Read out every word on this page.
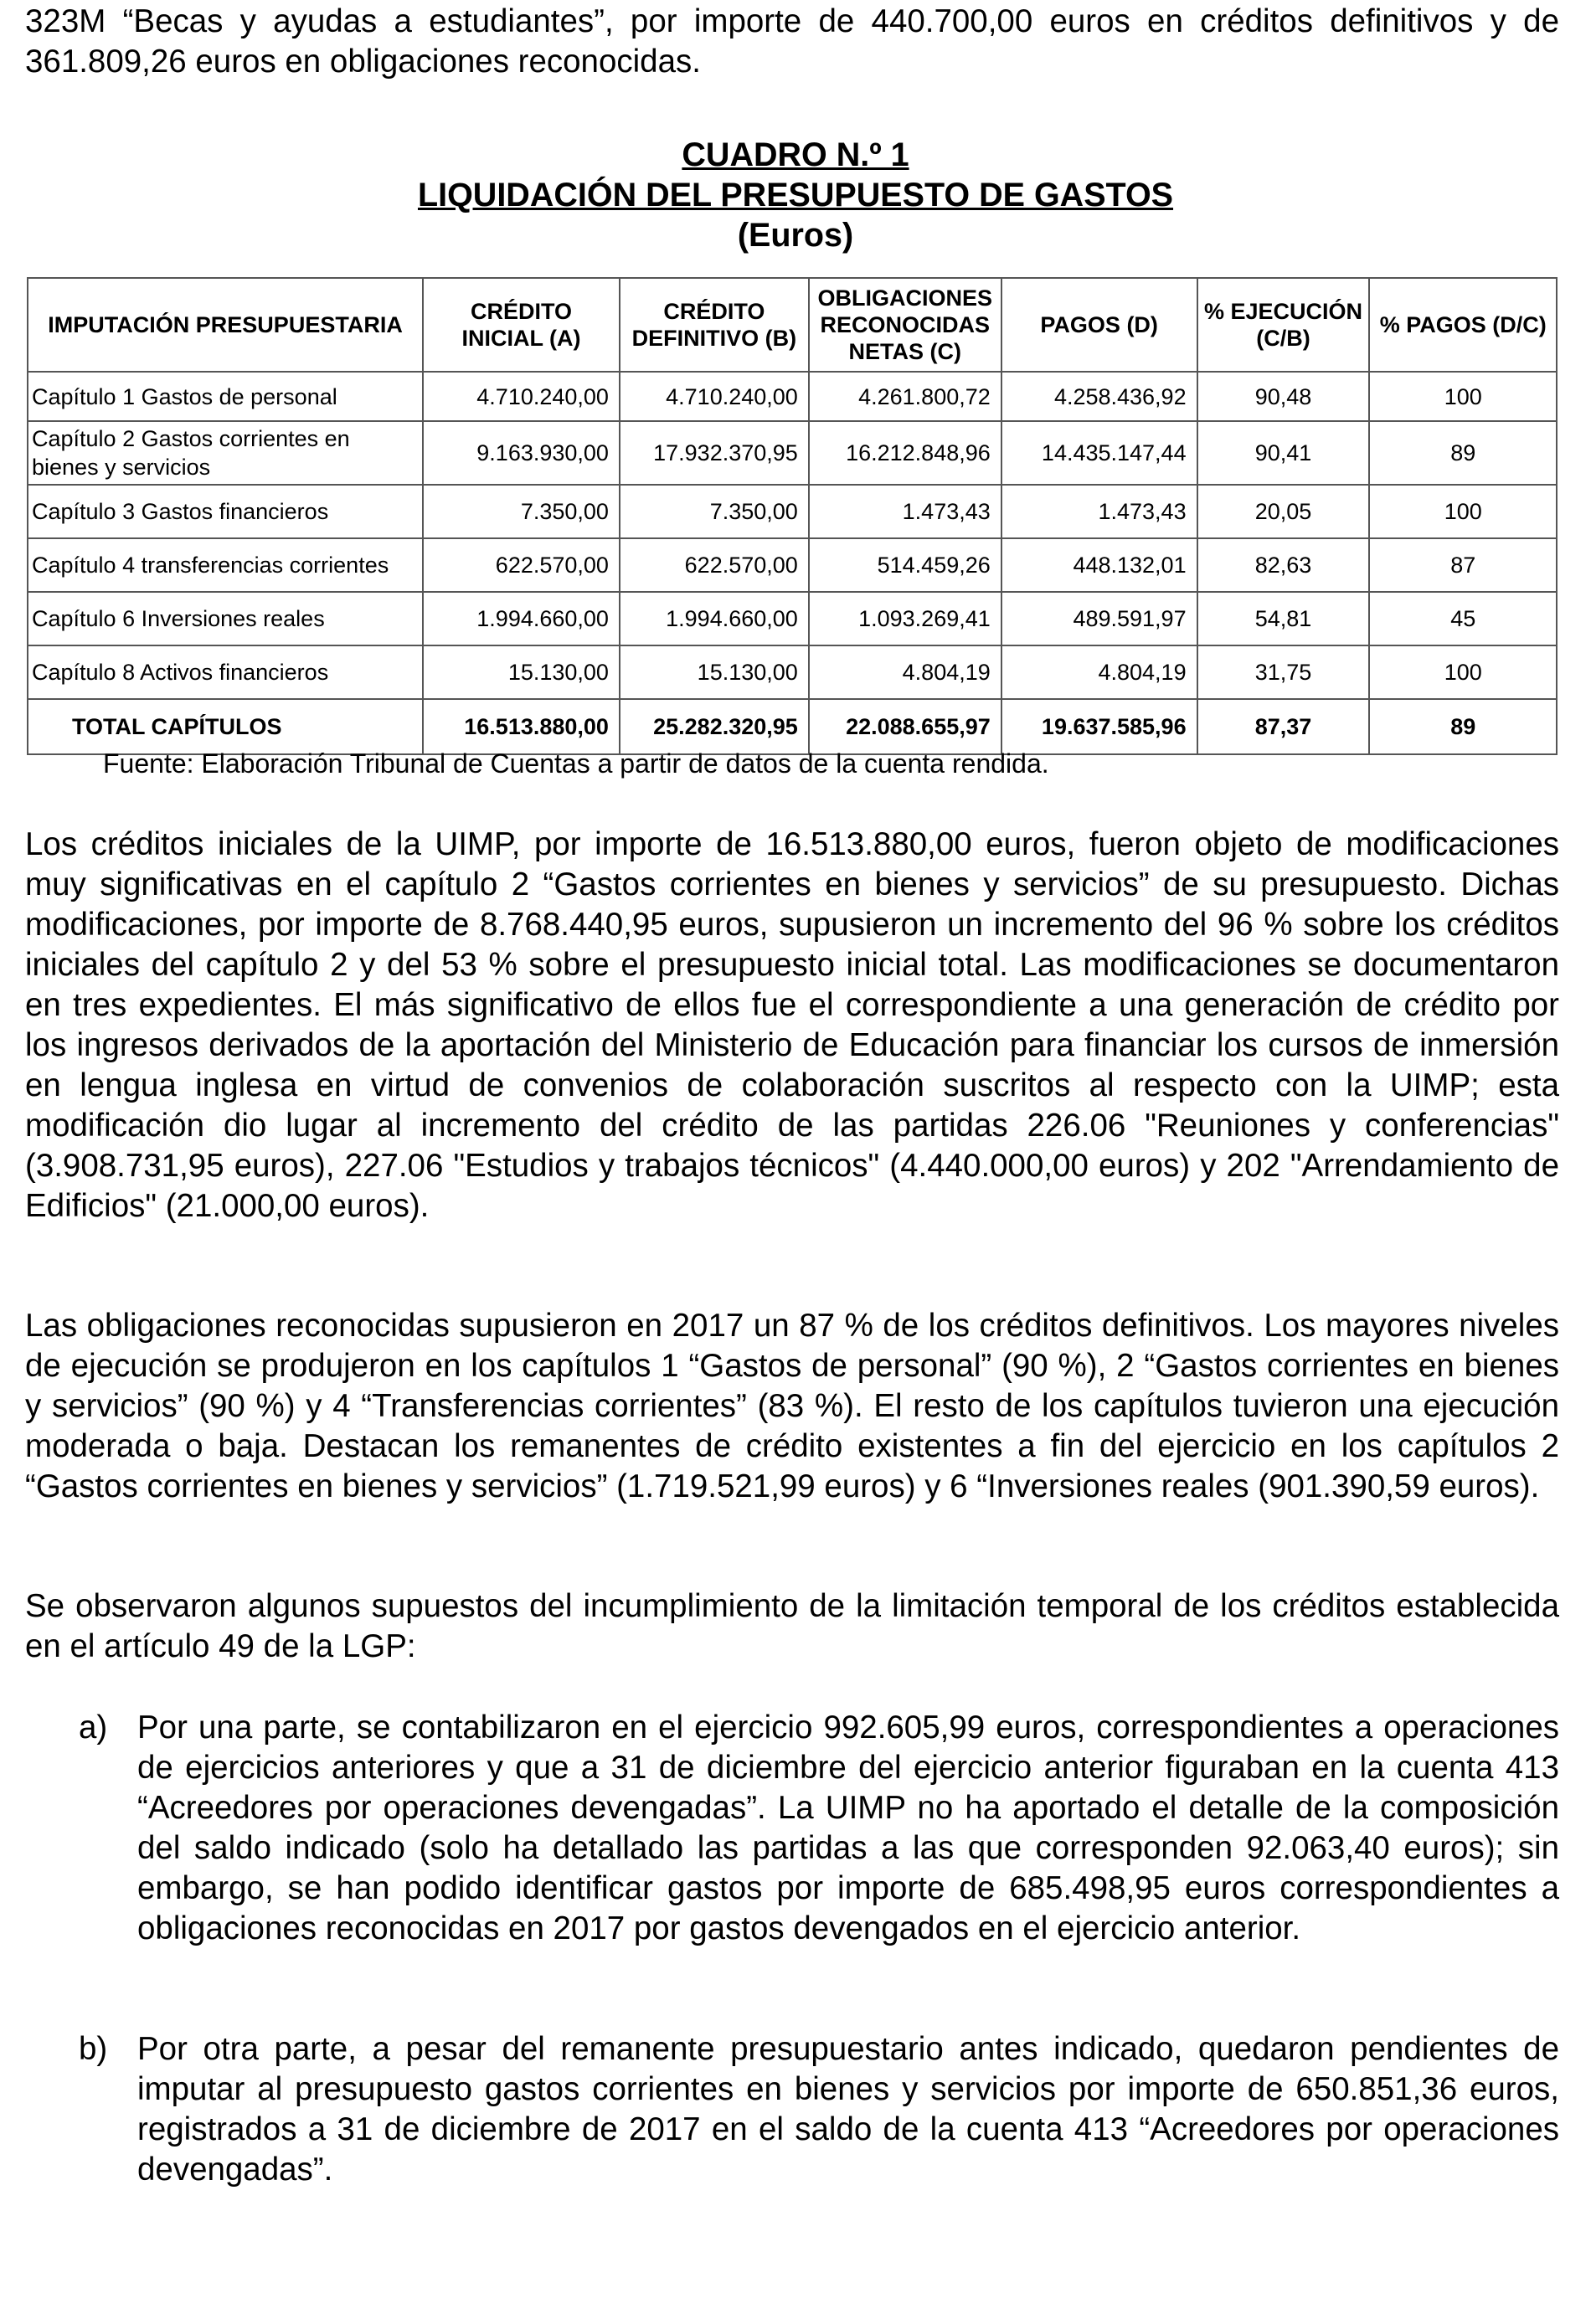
323M “Becas y ayudas a estudiantes”, por importe de 440.700,00 euros en créditos definitivos y de 361.809,26 euros en obligaciones reconocidas.

CUADRO N.º 1
LIQUIDACIÓN DEL PRESUPUESTO DE GASTOS
(Euros)
IMPUTACIÓN PRESUPUESTARIA	CRÉDITO INICIAL (A)	CRÉDITO DEFINITIVO (B)	OBLIGACIONES RECONOCIDAS NETAS (C)	PAGOS (D)	% EJECUCIÓN (C/B)	% PAGOS (D/C)
Capítulo 1 Gastos de personal	4.710.240,00	4.710.240,00	4.261.800,72	4.258.436,92	90,48	100
Capítulo 2 Gastos corrientes en bienes y servicios	9.163.930,00	17.932.370,95	16.212.848,96	14.435.147,44	90,41	89
Capítulo 3 Gastos financieros	7.350,00	7.350,00	1.473,43	1.473,43	20,05	100
Capítulo 4 transferencias corrientes	622.570,00	622.570,00	514.459,26	448.132,01	82,63	87
Capítulo 6 Inversiones reales	1.994.660,00	1.994.660,00	1.093.269,41	489.591,97	54,81	45
Capítulo 8 Activos financieros	15.130,00	15.130,00	4.804,19	4.804,19	31,75	100
TOTAL CAPÍTULOS	16.513.880,00	25.282.320,95	22.088.655,97	19.637.585,96	87,37	89
Fuente: Elaboración Tribunal de Cuentas a partir de datos de la cuenta rendida.

Los créditos iniciales de la UIMP, por importe de 16.513.880,00 euros, fueron objeto de modificaciones muy significativas en el capítulo 2 “Gastos corrientes en bienes y servicios” de su presupuesto. Dichas modificaciones, por importe de 8.768.440,95 euros, supusieron un incremento del 96 % sobre los créditos iniciales del capítulo 2 y del 53 % sobre el presupuesto inicial total. Las modificaciones se documentaron en tres expedientes. El más significativo de ellos fue el correspondiente a una generación de crédito por los ingresos derivados de la aportación del Ministerio de Educación para financiar los cursos de inmersión en lengua inglesa en virtud de convenios de colaboración suscritos al respecto con la UIMP; esta modificación dio lugar al incremento del crédito de las partidas 226.06 "Reuniones y conferencias" (3.908.731,95 euros), 227.06 "Estudios y trabajos técnicos" (4.440.000,00 euros) y 202 "Arrendamiento de Edificios" (21.000,00 euros).

Las obligaciones reconocidas supusieron en 2017 un 87 % de los créditos definitivos. Los mayores niveles de ejecución se produjeron en los capítulos 1 “Gastos de personal” (90 %), 2 “Gastos corrientes en bienes y servicios” (90 %) y 4 “Transferencias corrientes” (83 %). El resto de los capítulos tuvieron una ejecución moderada o baja. Destacan los remanentes de crédito existentes a fin del ejercicio en los capítulos 2 “Gastos corrientes en bienes y servicios” (1.719.521,99 euros) y 6 “Inversiones reales (901.390,59 euros).

Se observaron algunos supuestos del incumplimiento de la limitación temporal de los créditos establecida en el artículo 49 de la LGP:

a) Por una parte, se contabilizaron en el ejercicio 992.605,99 euros, correspondientes a operaciones de ejercicios anteriores y que a 31 de diciembre del ejercicio anterior figuraban en la cuenta 413 “Acreedores por operaciones devengadas”. La UIMP no ha aportado el detalle de la composición del saldo indicado (solo ha detallado las partidas a las que corresponden 92.063,40 euros); sin embargo, se han podido identificar gastos por importe de 685.498,95 euros correspondientes a obligaciones reconocidas en 2017 por gastos devengados en el ejercicio anterior.

b) Por otra parte, a pesar del remanente presupuestario antes indicado, quedaron pendientes de imputar al presupuesto gastos corrientes en bienes y servicios por importe de 650.851,36 euros, registrados a 31 de diciembre de 2017 en el saldo de la cuenta 413 “Acreedores por operaciones devengadas”.
